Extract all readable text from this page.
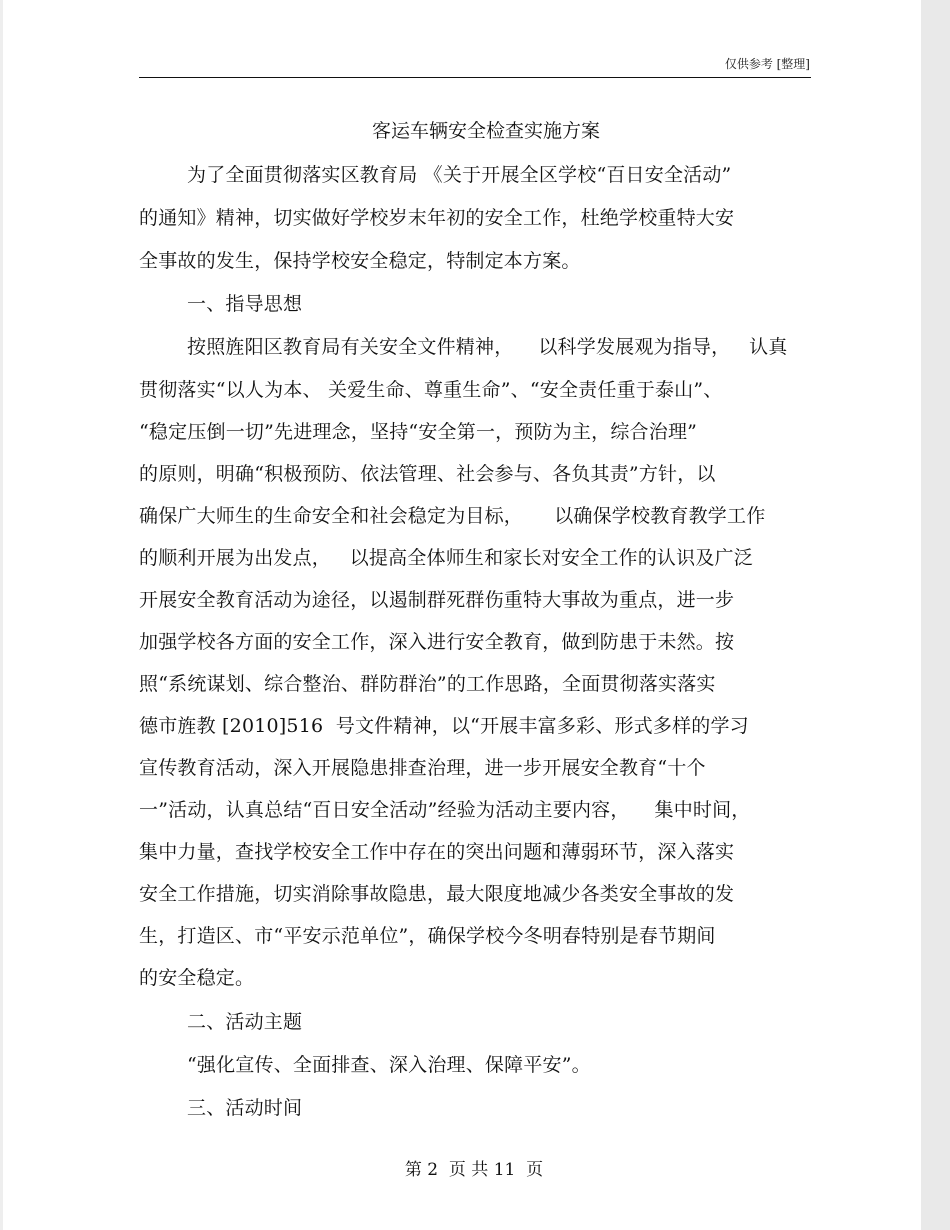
仅供参考 [整理]
客运车辆安全检查实施方案
为了全面贯彻落实区教育局 《关于开展全区学校“百日安全活动”
的通知》精神，切实做好学校岁末年初的安全工作，杜绝学校重特大安
全事故的发生，保持学校安全稳定，特制定本方案。
一、指导思想
按照旌阳区教育局有关安全文件精神，    以科学发展观为指导，   认真
贯彻落实“以人为本、 关爱生命、尊重生命”、“安全责任重于泰山”、
“稳定压倒一切”先进理念，坚持“安全第一，预防为主，综合治理”
的原则，明确“积极预防、依法管理、社会参与、各负其责”方针，以
确保广大师生的生命安全和社会稳定为目标，     以确保学校教育教学工作
的顺利开展为出发点，   以提高全体师生和家长对安全工作的认识及广泛
开展安全教育活动为途径，以遏制群死群伤重特大事故为重点，进一步
加强学校各方面的安全工作，深入进行安全教育，做到防患于未然。按
照“系统谋划、综合整治、群防群治”的工作思路，全面贯彻落实落实
德市旌教 [2010]516  号文件精神，以“开展丰富多彩、形式多样的学习
宣传教育活动，深入开展隐患排查治理，进一步开展安全教育“十个
一”活动，认真总结“百日安全活动”经验为活动主要内容，    集中时间，
集中力量，查找学校安全工作中存在的突出问题和薄弱环节，深入落实
安全工作措施，切实消除事故隐患，最大限度地减少各类安全事故的发
生，打造区、市“平安示范单位”，确保学校今冬明春特别是春节期间
的安全稳定。
二、活动主题
“强化宣传、全面排查、深入治理、保障平安”。
三、活动时间
第 2  页 共 11  页
